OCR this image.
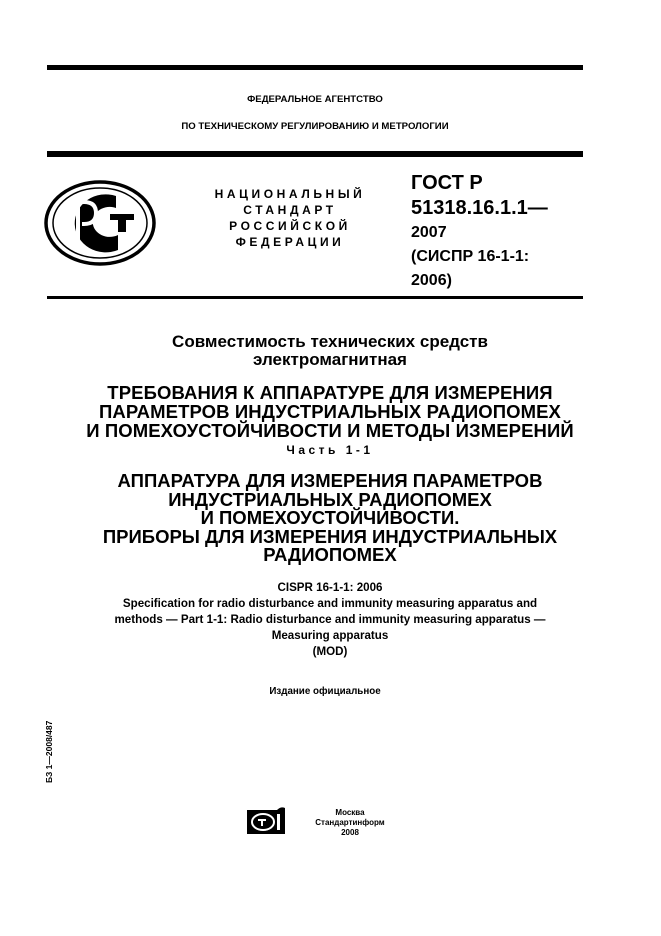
ФЕДЕРАЛЬНОЕ АГЕНТСТВО
ПО ТЕХНИЧЕСКОМУ РЕГУЛИРОВАНИЮ И МЕТРОЛОГИИ
НАЦИОНАЛЬНЫЙ
СТАНДАРТ
РОССИЙСКОЙ
ФЕДЕРАЦИИ
ГОСТ Р
51318.16.1.1—
2007
(СИСПР 16-1-1:
2006)
Совместимость технических средств
электромагнитная
ТРЕБОВАНИЯ К АППАРАТУРЕ ДЛЯ ИЗМЕРЕНИЯ
ПАРАМЕТРОВ ИНДУСТРИАЛЬНЫХ РАДИОПОМЕХ
И ПОМЕХОУСТОЙЧИВОСТИ И МЕТОДЫ ИЗМЕРЕНИЙ
Часть 1-1
АППАРАТУРА ДЛЯ ИЗМЕРЕНИЯ ПАРАМЕТРОВ
ИНДУСТРИАЛЬНЫХ РАДИОПОМЕХ
И ПОМЕХОУСТОЙЧИВОСТИ.
ПРИБОРЫ ДЛЯ ИЗМЕРЕНИЯ ИНДУСТРИАЛЬНЫХ
РАДИОПОМЕХ
CISPR 16-1-1: 2006
Specification for radio disturbance and immunity measuring apparatus and
methods — Part 1-1: Radio disturbance and immunity measuring apparatus —
Measuring apparatus
(MOD)
Издание официальное
БЗ 1—2008/487
Москва
Стандартинформ
2008
